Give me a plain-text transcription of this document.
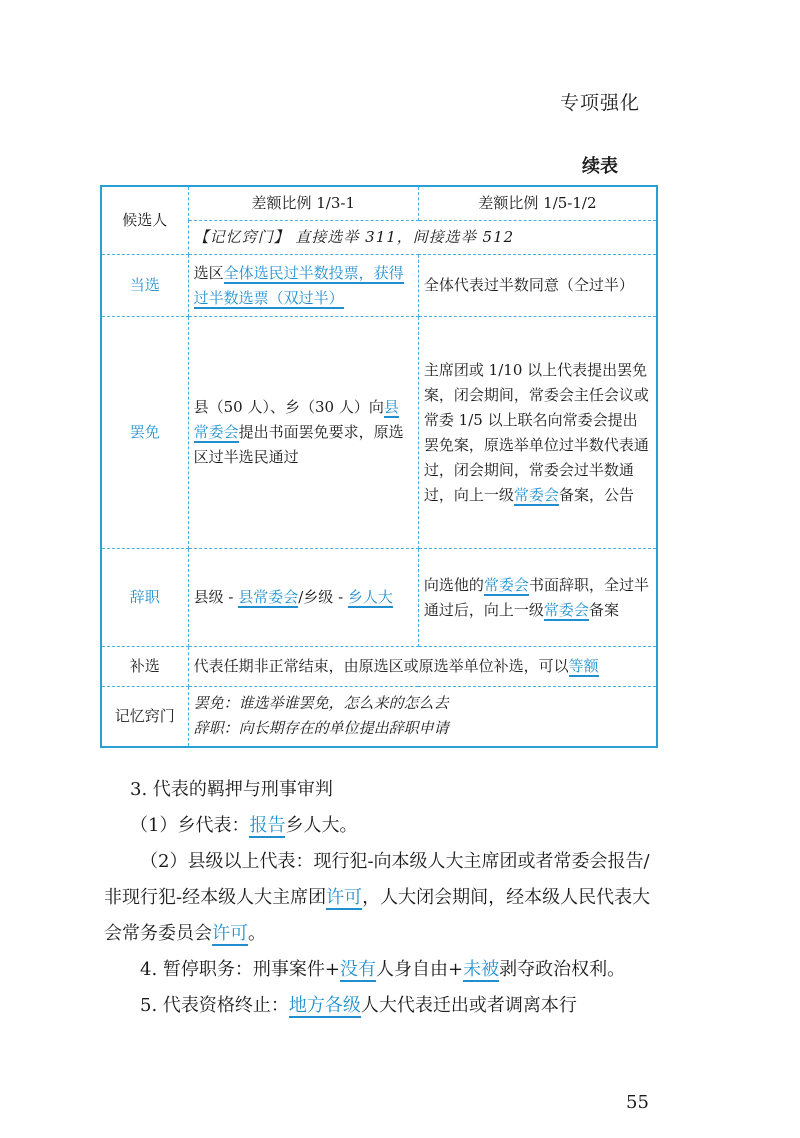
专项强化
续表
候选人	差额比例 1/3-1	差额比例 1/5-1/2
	【记忆窍门】 直接选举 311，间接选举 512	
当选	选区全体选民过半数投票，获得过半数选票（双过半）	全体代表过半数同意（仝过半）
罢免	县（50 人）、乡（30 人）向县常委会提出书面罢免要求，原选区过半选民通过	主席团或 1/10 以上代表提出罢免案，闭会期间，常委会主任会议或常委 1/5 以上联名向常委会提出罢免案，原选举单位过半数代表通过，闭会期间，常委会过半数通过，向上一级常委会备案，公告
辞职	县级 - 县常委会/乡级 - 乡人大	向选他的常委会书面辞职，全过半通过后，向上一级常委会备案
补选	代表任期非正常结束，由原选区或原选举单位补选，可以等额	
记忆窍门	罢免：谁选举谁罢免，怎么来的怎么去
辞职：向长期存在的单位提出辞职申请	

3. 代表的羁押与刑事审判

（1）乡代表：报告乡人大。

（2）县级以上代表：现行犯-向本级人大主席团或者常委会报告/非现行犯-经本级人大主席团许可，人大闭会期间，经本级人民代表大会常务委员会许可。

4. 暂停职务：刑事案件+没有人身自由+未被剥夺政治权利。

5. 代表资格终止：地方各级人大代表迁出或者调离本行

55
